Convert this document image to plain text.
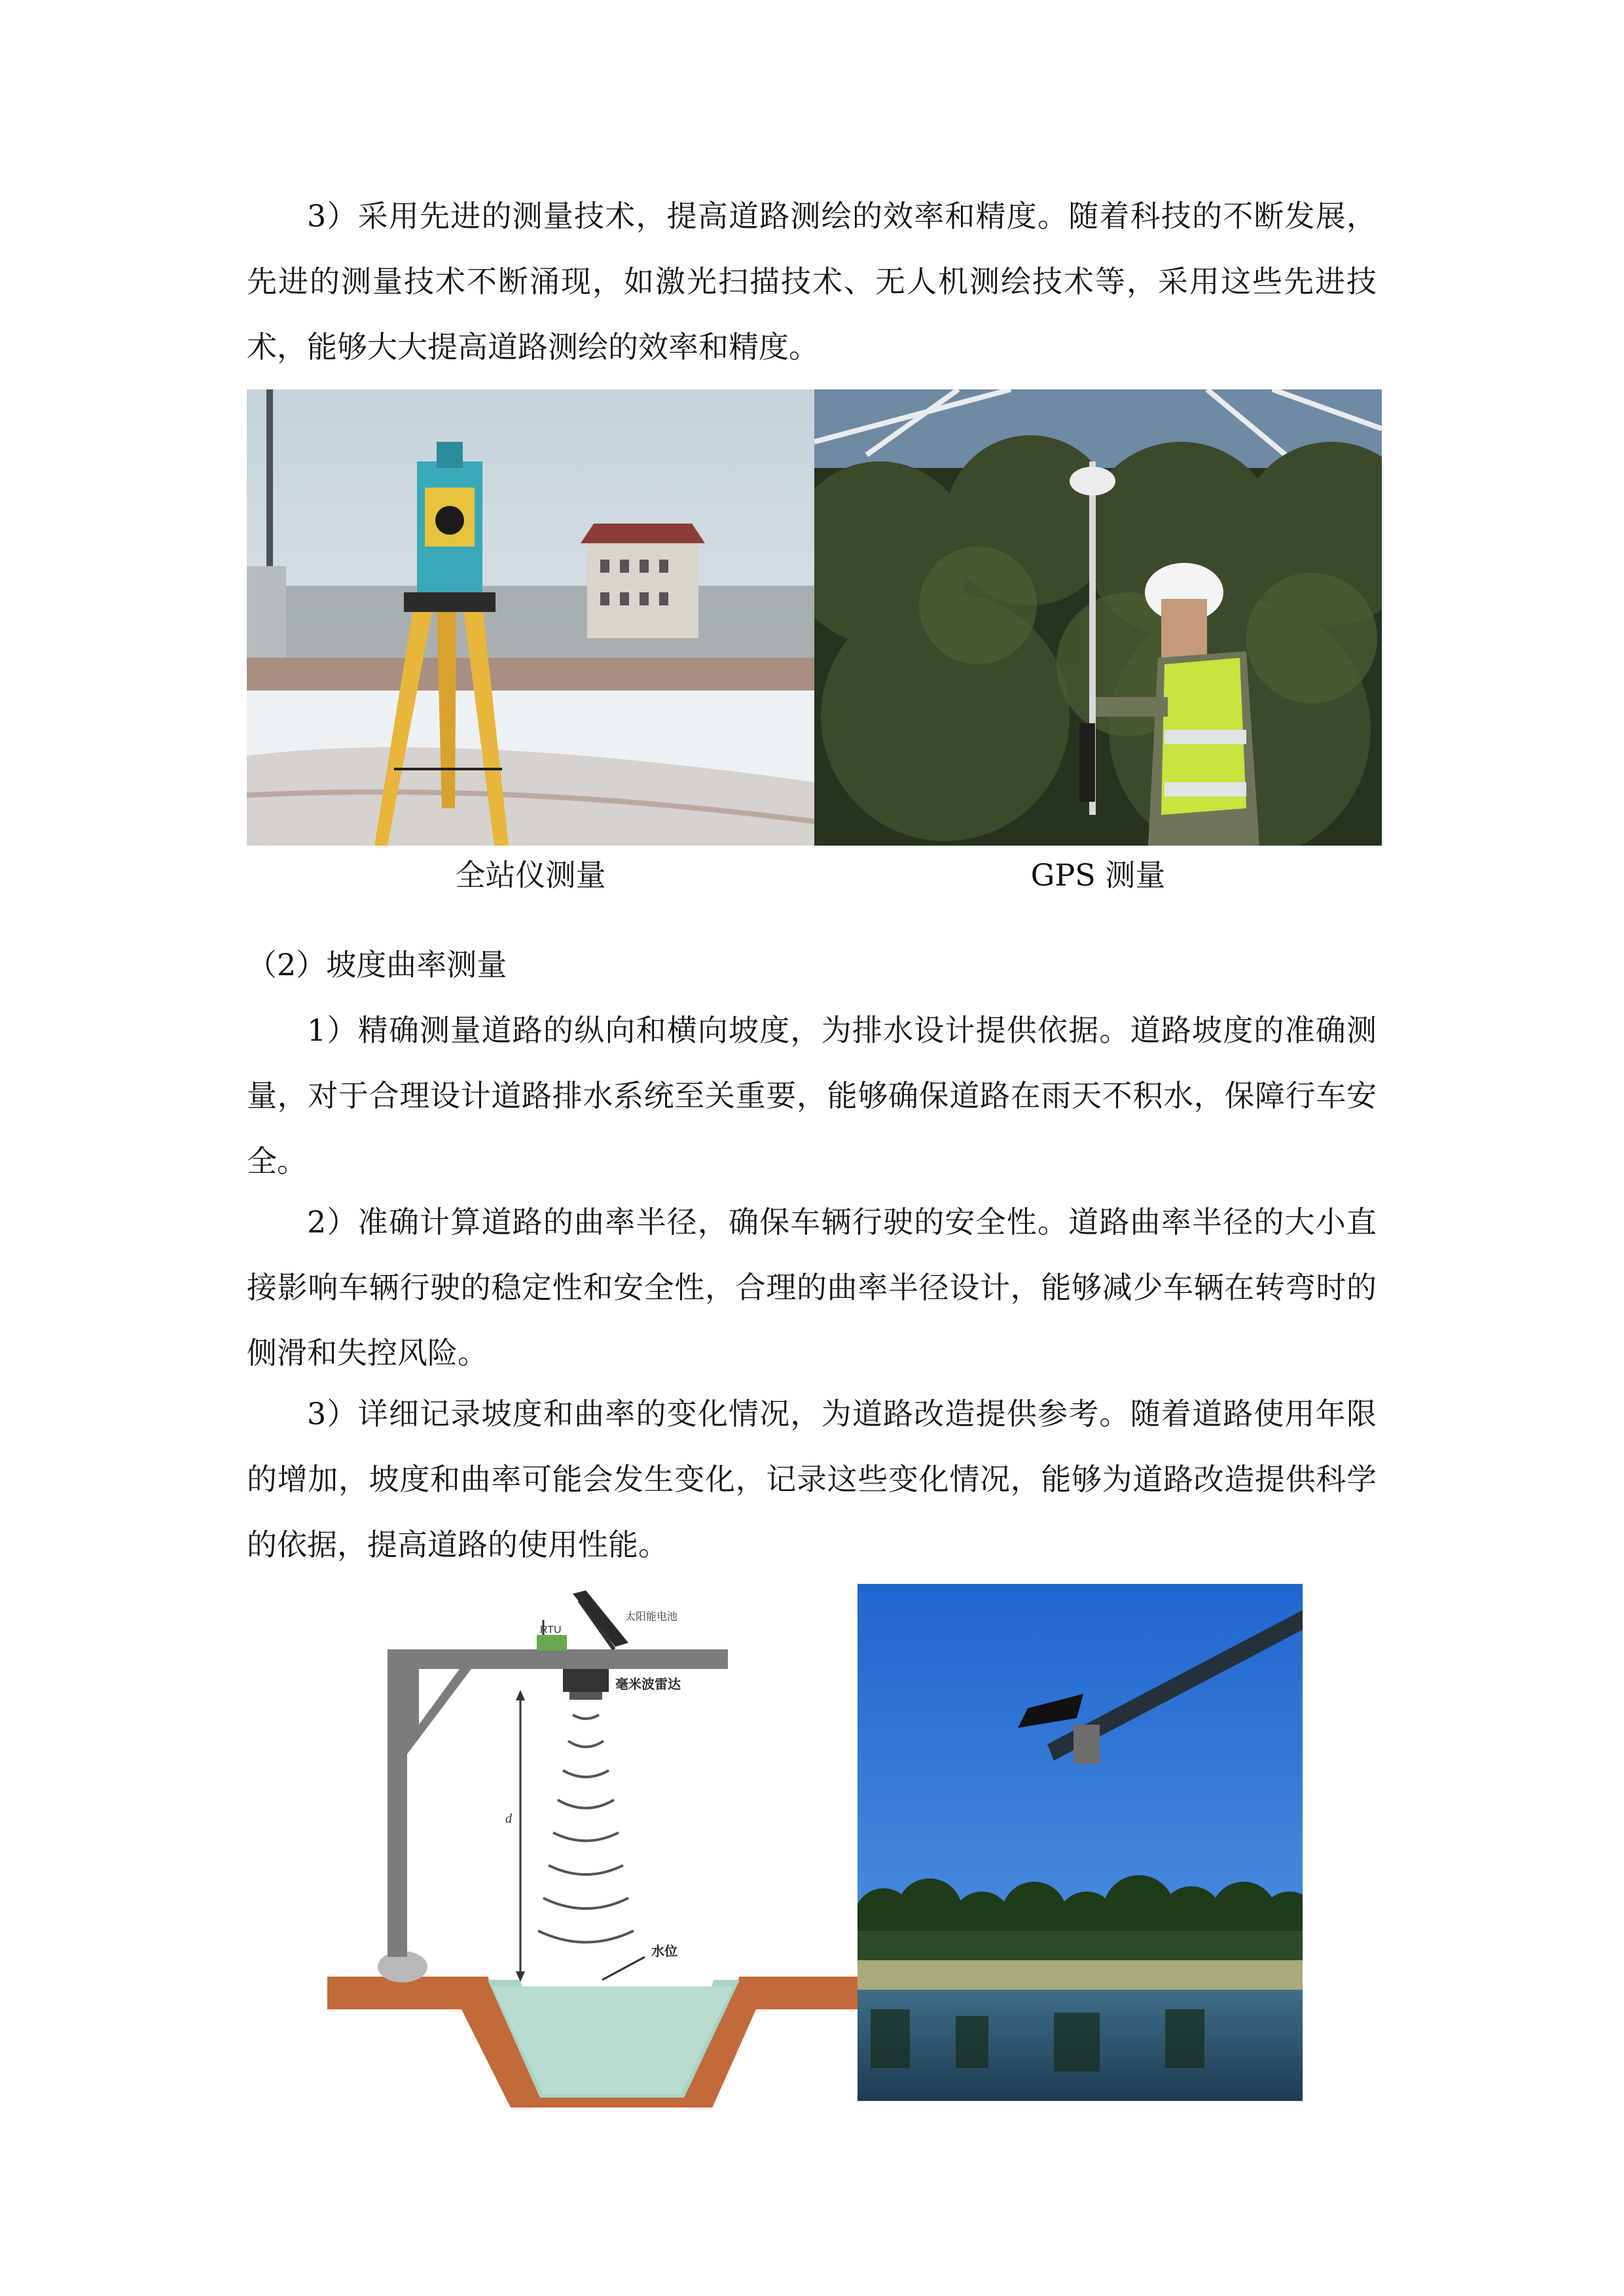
3）采用先进的测量技术，提高道路测绘的效率和精度。随着科技的不断发展，先进的测量技术不断涌现，如激光扫描技术、无人机测绘技术等，采用这些先进技术，能够大大提高道路测绘的效率和精度。

全站仪测量	GPS 测量

（2）坡度曲率测量

1）精确测量道路的纵向和横向坡度，为排水设计提供依据。道路坡度的准确测量，对于合理设计道路排水系统至关重要，能够确保道路在雨天不积水，保障行车安全。

2）准确计算道路的曲率半径，确保车辆行驶的安全性。道路曲率半径的大小直接影响车辆行驶的稳定性和安全性，合理的曲率半径设计，能够减少车辆在转弯时的侧滑和失控风险。

3）详细记录坡度和曲率的变化情况，为道路改造提供参考。随着道路使用年限的增加，坡度和曲率可能会发生变化，记录这些变化情况，能够为道路改造提供科学的依据，提高道路的使用性能。

RTU
太阳能电池
毫米波雷达
d
水位
